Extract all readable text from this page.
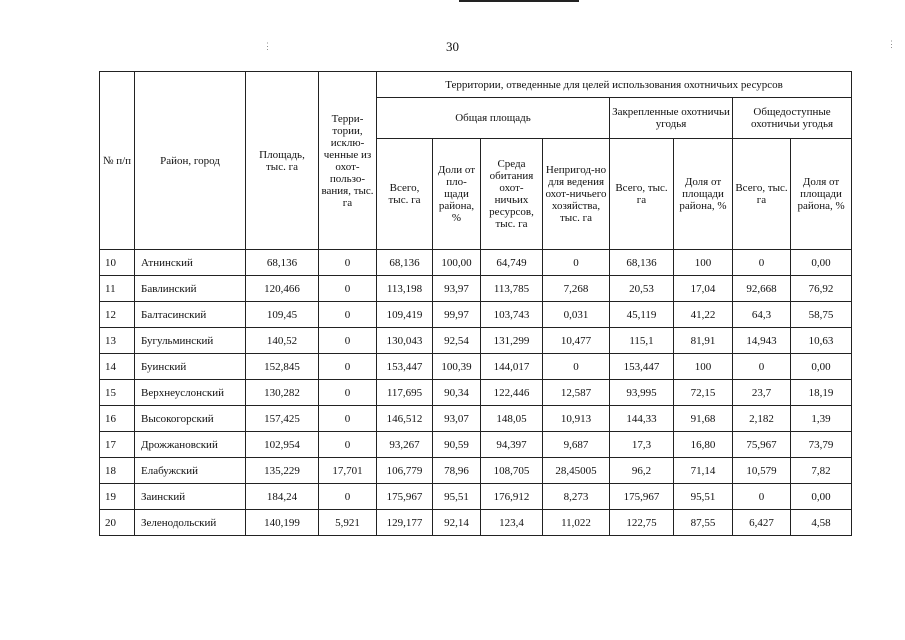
30
⋮	⋮
№ п/п	Район, город	Площадь, тыс. га	Терри-тории, исклю-ченные из охот-пользо-вания, тыс. га	Территории, отведенные для целей использования охотничьих ресурсов							
				Общая площадь				Закрепленные охотничьи угодья		Общедоступные охотничьи угодья	
				Всего, тыс. га	Доли от пло-щади района, %	Среда обитания охот-ничьих ресурсов, тыс. га	Непригод-но для ведения охот-ничьего хозяйства, тыс. га	Всего, тыс. га	Доля от площади района, %	Всего, тыс. га	Доля от площади района, %
10	Атнинский	68,136	0	68,136	100,00	64,749	0	68,136	100	0	0,00
11	Бавлинский	120,466	0	113,198	93,97	113,785	7,268	20,53	17,04	92,668	76,92
12	Балтасинский	109,45	0	109,419	99,97	103,743	0,031	45,119	41,22	64,3	58,75
13	Бугульминский	140,52	0	130,043	92,54	131,299	10,477	115,1	81,91	14,943	10,63
14	Буинский	152,845	0	153,447	100,39	144,017	0	153,447	100	0	0,00
15	Верхнеуслонский	130,282	0	117,695	90,34	122,446	12,587	93,995	72,15	23,7	18,19
16	Высокогорский	157,425	0	146,512	93,07	148,05	10,913	144,33	91,68	2,182	1,39
17	Дрожжановский	102,954	0	93,267	90,59	94,397	9,687	17,3	16,80	75,967	73,79
18	Елабужский	135,229	17,701	106,779	78,96	108,705	28,45005	96,2	71,14	10,579	7,82
19	Заинский	184,24	0	175,967	95,51	176,912	8,273	175,967	95,51	0	0,00
20	Зеленодольский	140,199	5,921	129,177	92,14	123,4	11,022	122,75	87,55	6,427	4,58
